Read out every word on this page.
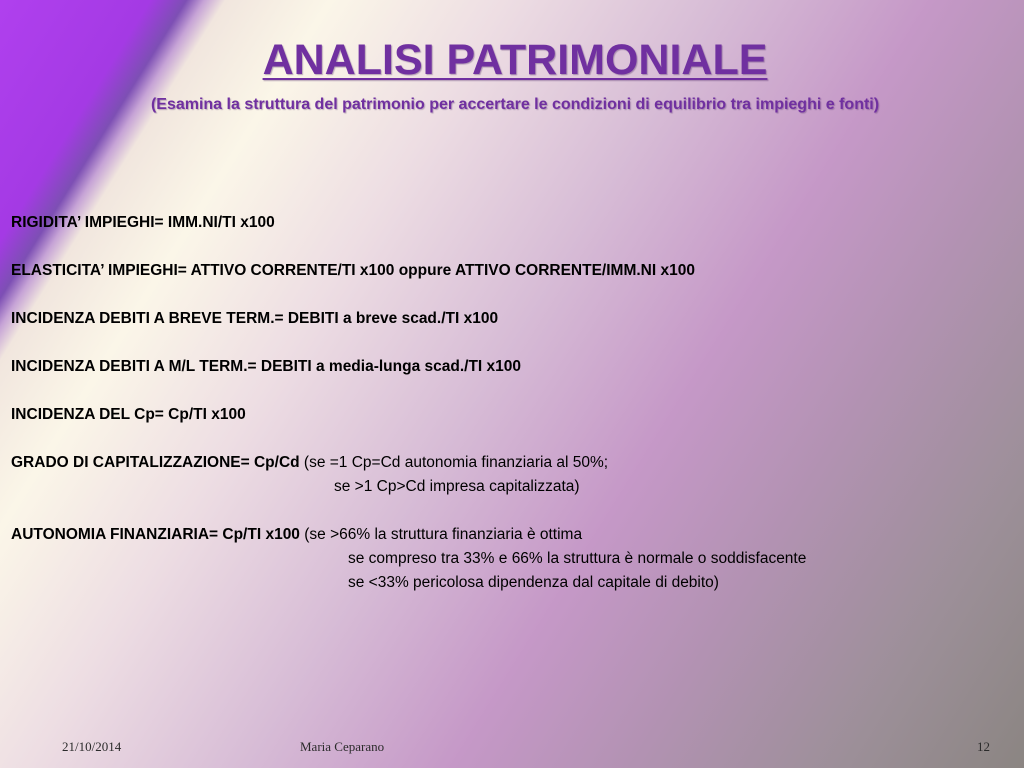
ANALISI PATRIMONIALE
(Esamina la struttura del patrimonio per accertare le condizioni di equilibrio tra impieghi e fonti)
RIGIDITA’ IMPIEGHI= IMM.NI/TI x100
ELASTICITA’ IMPIEGHI= ATTIVO CORRENTE/TI x100 oppure ATTIVO CORRENTE/IMM.NI x100
INCIDENZA DEBITI A BREVE TERM.= DEBITI a breve scad./TI x100
INCIDENZA DEBITI A M/L TERM.= DEBITI a media-lunga scad./TI x100
INCIDENZA DEL Cp= Cp/TI x100
GRADO DI CAPITALIZZAZIONE= Cp/Cd (se =1 Cp=Cd autonomia finanziaria al 50%;
se >1 Cp>Cd impresa capitalizzata)
AUTONOMIA FINANZIARIA= Cp/TI x100 (se >66% la struttura finanziaria è ottima
se compreso tra 33% e 66% la struttura è normale o soddisfacente
se <33% pericolosa dipendenza dal capitale di debito)
21/10/2014	Maria Ceparano	12
